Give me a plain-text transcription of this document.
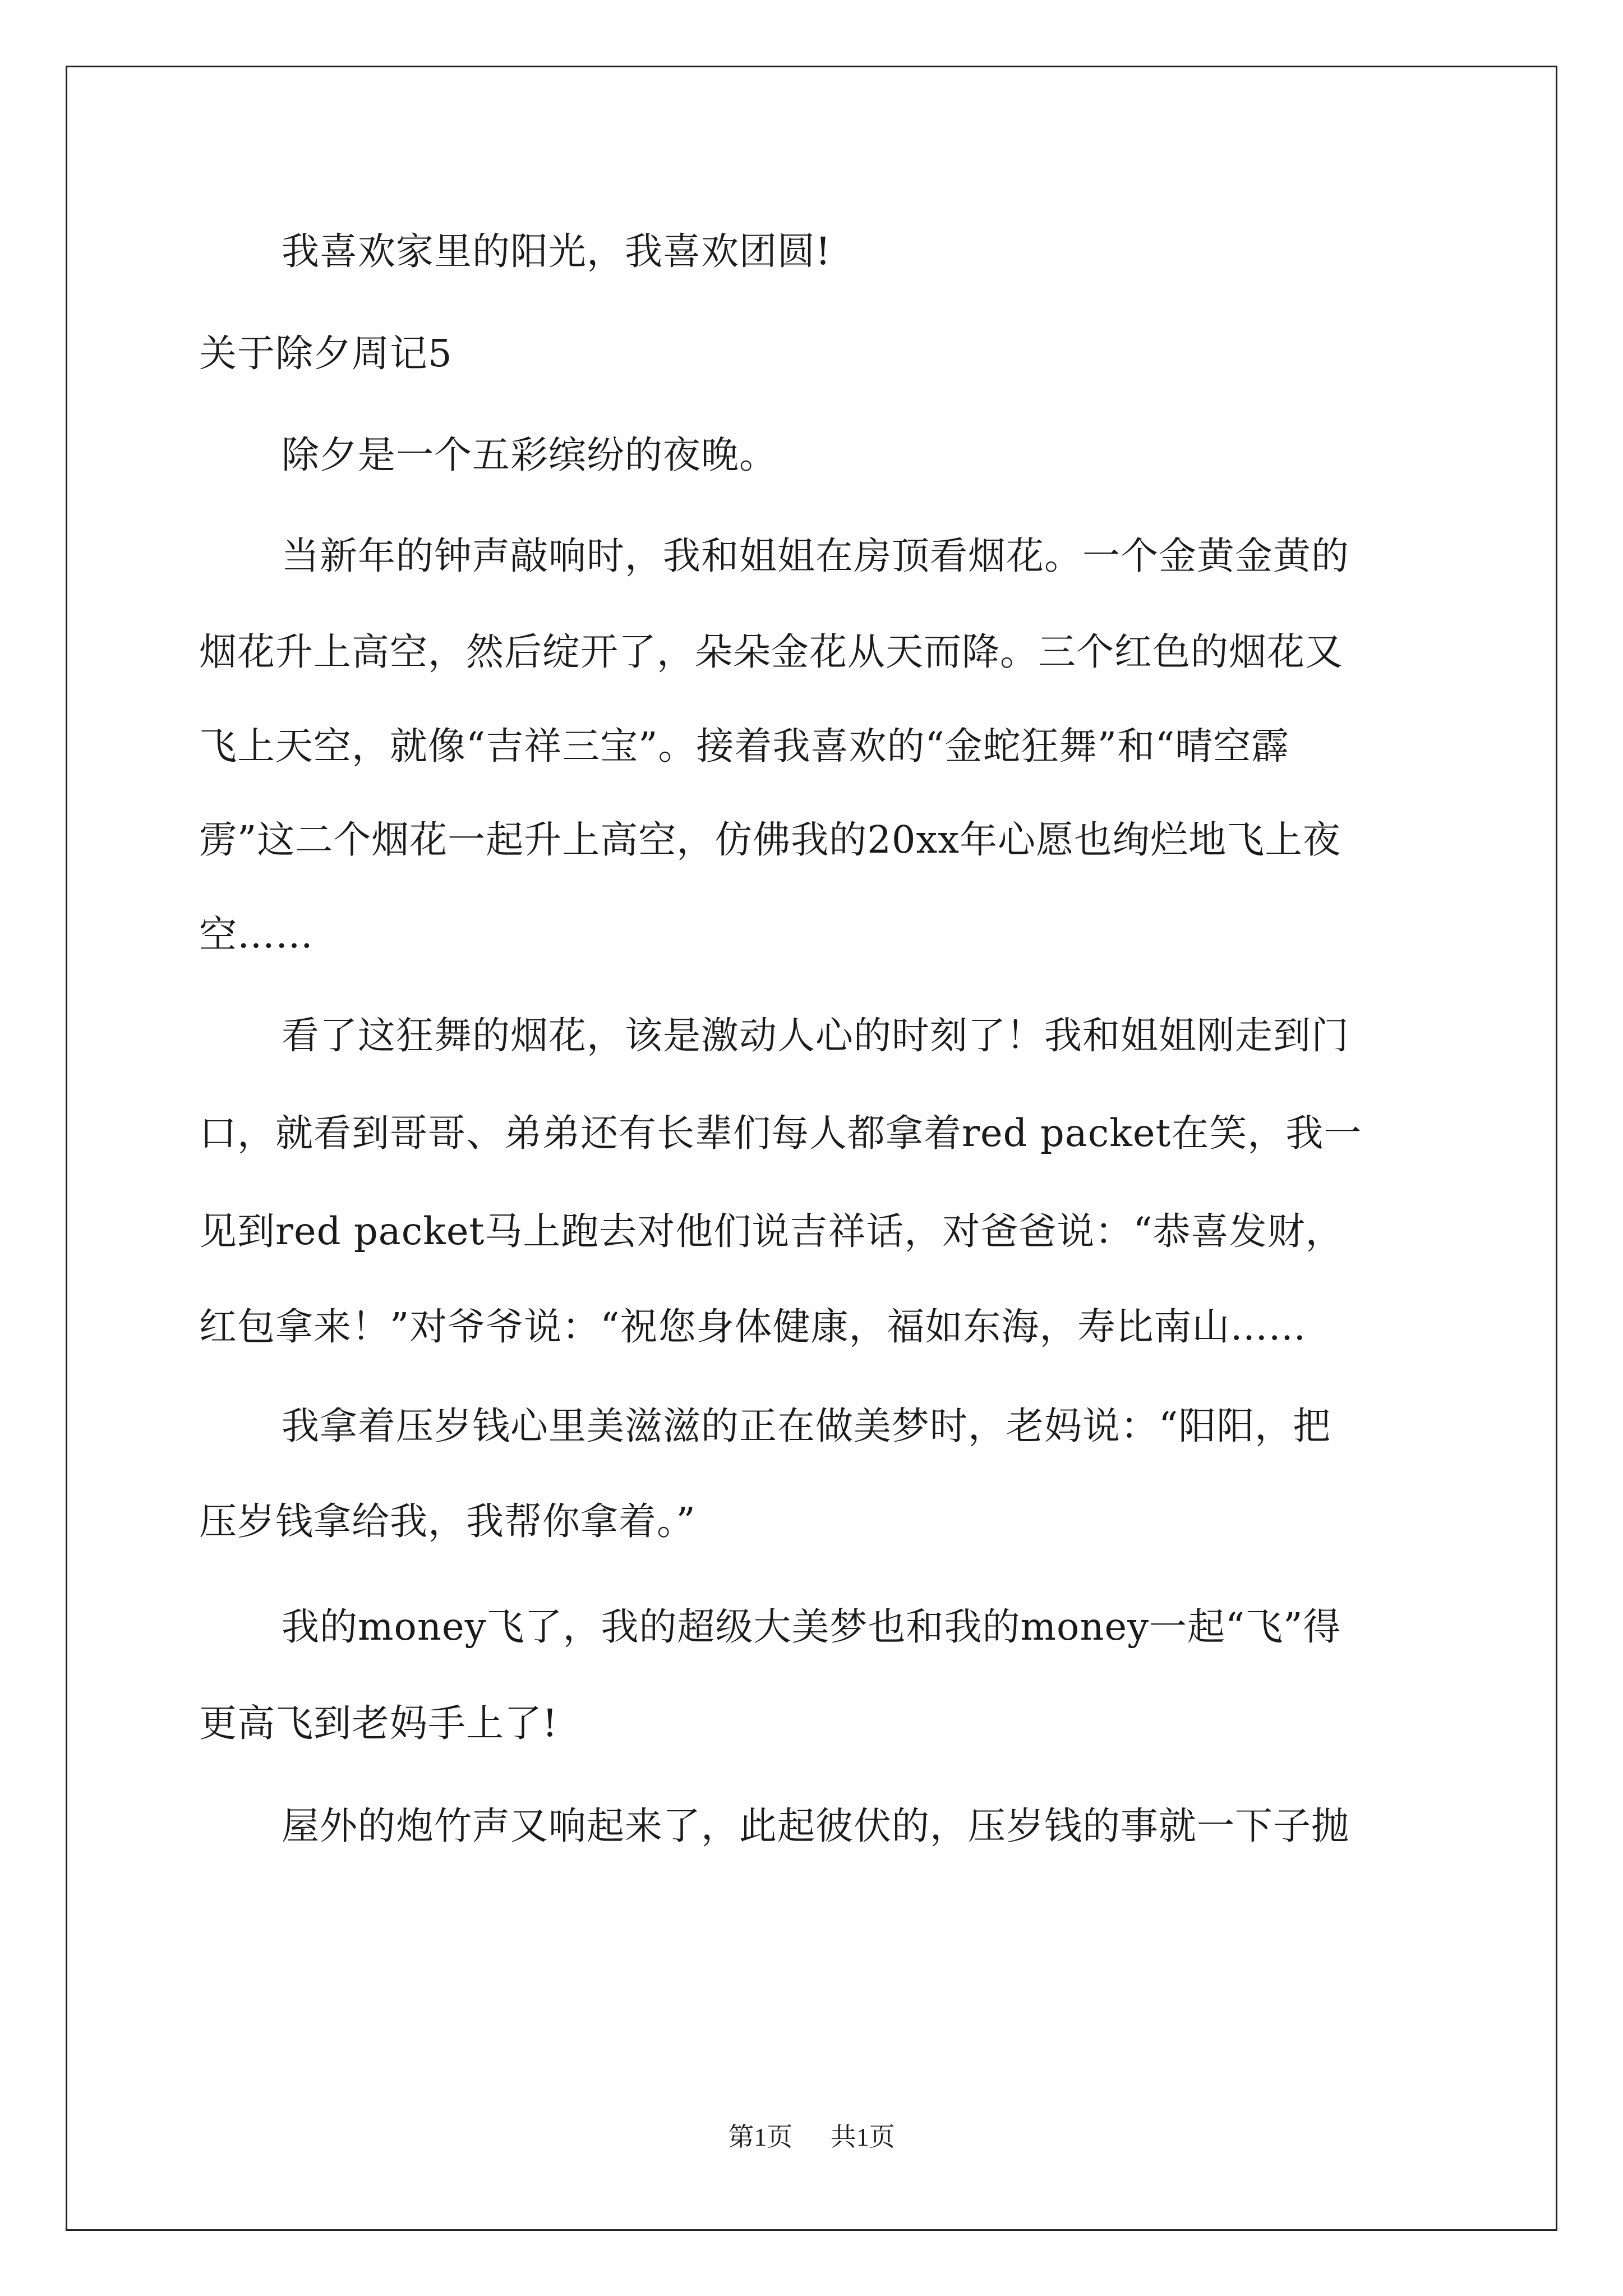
我喜欢家里的阳光，我喜欢团圆!
关于除夕周记5
除夕是一个五彩缤纷的夜晚。
当新年的钟声敲响时，我和姐姐在房顶看烟花。一个金黄金黄的
烟花升上高空，然后绽开了，朵朵金花从天而降。三个红色的烟花又
飞上天空，就像“吉祥三宝”。接着我喜欢的“金蛇狂舞”和“晴空霹
雳”这二个烟花一起升上高空，仿佛我的20xx年心愿也绚烂地飞上夜
空……
看了这狂舞的烟花，该是激动人心的时刻了！我和姐姐刚走到门
口，就看到哥哥、弟弟还有长辈们每人都拿着red packet在笑，我一
见到red packet马上跑去对他们说吉祥话，对爸爸说：“恭喜发财，
红包拿来！”对爷爷说：“祝您身体健康，福如东海，寿比南山……
我拿着压岁钱心里美滋滋的正在做美梦时，老妈说：“阳阳，把
压岁钱拿给我，我帮你拿着。”
我的money飞了，我的超级大美梦也和我的money一起“飞”得
更高飞到老妈手上了!
屋外的炮竹声又响起来了，此起彼伏的，压岁钱的事就一下子抛
第1页 共1页
